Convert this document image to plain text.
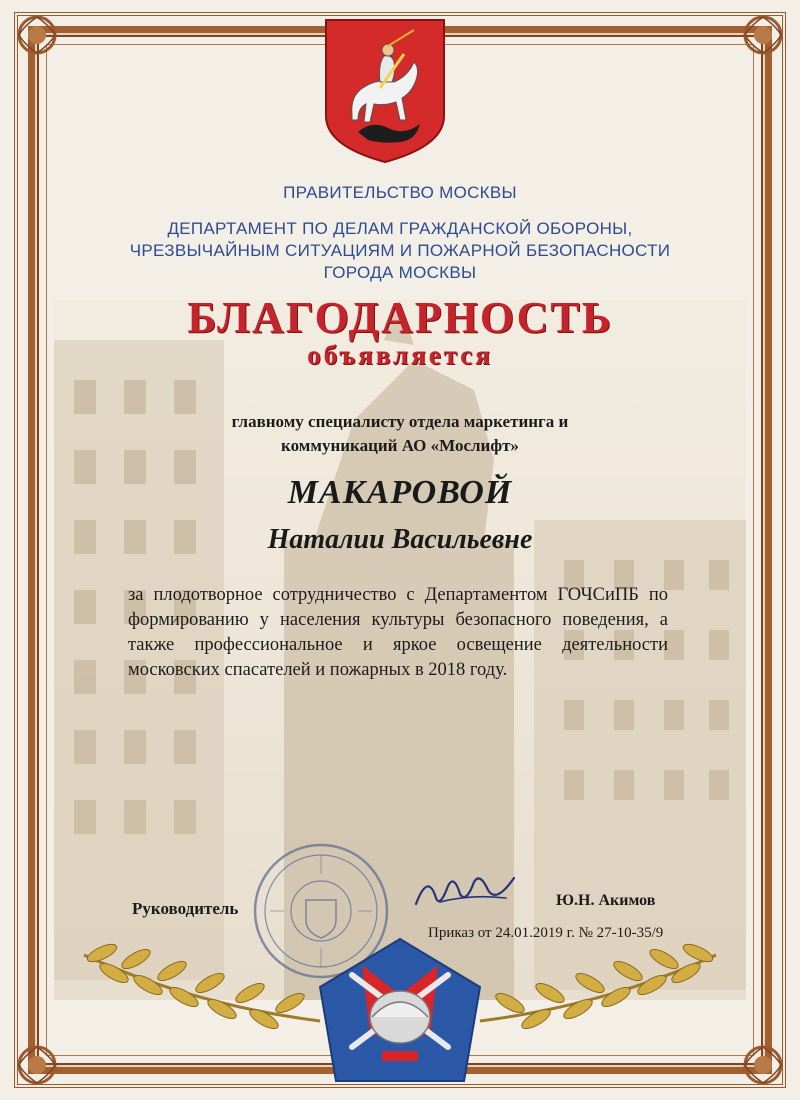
ПРАВИТЕЛЬСТВО МОСКВЫ
ДЕПАРТАМЕНТ ПО ДЕЛАМ ГРАЖДАНСКОЙ ОБОРОНЫ,
ЧРЕЗВЫЧАЙНЫМ СИТУАЦИЯМ И ПОЖАРНОЙ БЕЗОПАСНОСТИ
ГОРОДА МОСКВЫ
БЛАГОДАРНОСТЬ
объявляется
главному специалисту отдела маркетинга и
коммуникаций АО «Мослифт»
МАКАРОВОЙ
Наталии Васильевне
за плодотворное сотрудничество с Департаментом ГОЧСиПБ по формированию у населения культуры безопасного поведения, а также профессиональное и яркое освещение деятельности московских спасателей и пожарных в 2018 году.
Руководитель	Ю.Н. Акимов
Приказ от 24.01.2019 г. № 27-10-35/9
